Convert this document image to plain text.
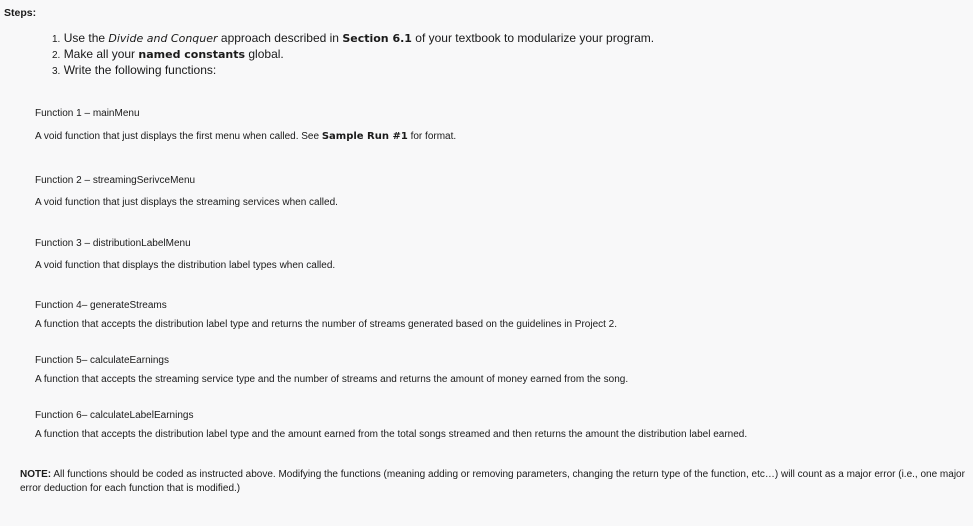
Steps:
1. Use the Divide and Conquer approach described in Section 6.1 of your textbook to modularize your program.
2. Make all your named constants global.
3. Write the following functions:
Function 1 – mainMenu
A void function that just displays the first menu when called. See Sample Run #1 for format.
Function 2 – streamingSerivceMenu
A void function that just displays the streaming services when called.
Function 3 – distributionLabelMenu
A void function that displays the distribution label types when called.
Function 4– generateStreams
A function that accepts the distribution label type and returns the number of streams generated based on the guidelines in Project 2.
Function 5– calculateEarnings
A function that accepts the streaming service type and the number of streams and returns the amount of money earned from the song.
Function 6– calculateLabelEarnings
A function that accepts the distribution label type and the amount earned from the total songs streamed and then returns the amount the distribution label earned.
NOTE: All functions should be coded as instructed above. Modifying the functions (meaning adding or removing parameters, changing the return type of the function, etc…) will count as a major error (i.e., one major error deduction for each function that is modified.)
